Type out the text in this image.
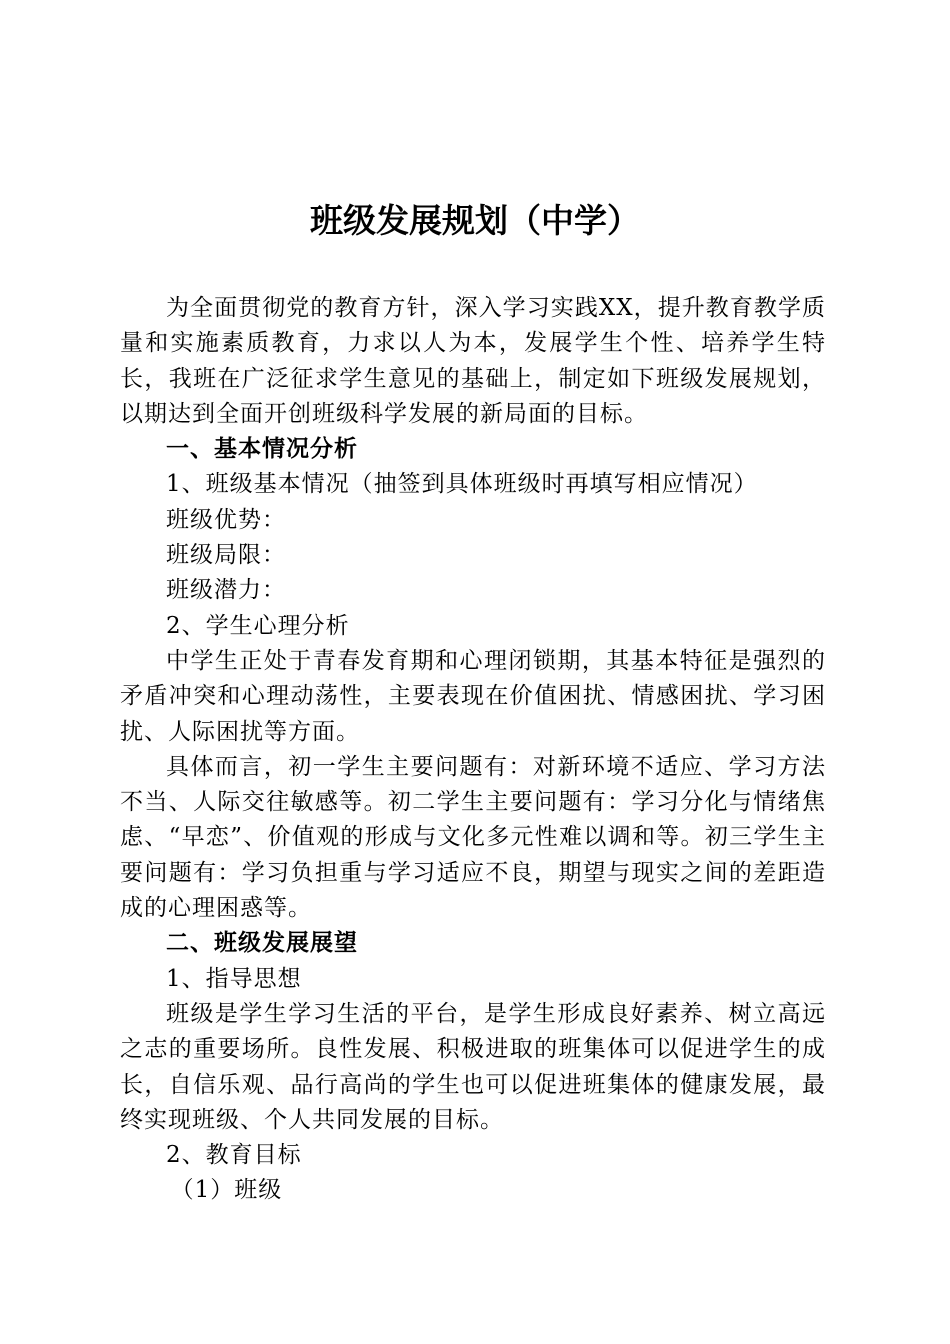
班级发展规划（中学）

为全面贯彻党的教育方针，深入学习实践XX，提升教育教学质量和实施素质教育，力求以人为本，发展学生个性、培养学生特长，我班在广泛征求学生意见的基础上，制定如下班级发展规划，以期达到全面开创班级科学发展的新局面的目标。

一、基本情况分析

1、班级基本情况（抽签到具体班级时再填写相应情况）

班级优势：

班级局限：

班级潜力：

2、学生心理分析

中学生正处于青春发育期和心理闭锁期，其基本特征是强烈的矛盾冲突和心理动荡性，主要表现在价值困扰、情感困扰、学习困扰、人际困扰等方面。

具体而言，初一学生主要问题有：对新环境不适应、学习方法不当、人际交往敏感等。初二学生主要问题有：学习分化与情绪焦虑、“早恋”、价值观的形成与文化多元性难以调和等。初三学生主要问题有：学习负担重与学习适应不良，期望与现实之间的差距造成的心理困惑等。

二、班级发展展望

1、指导思想

班级是学生学习生活的平台，是学生形成良好素养、树立高远之志的重要场所。良性发展、积极进取的班集体可以促进学生的成长，自信乐观、品行高尚的学生也可以促进班集体的健康发展，最终实现班级、个人共同发展的目标。

2、教育目标

（1）班级
